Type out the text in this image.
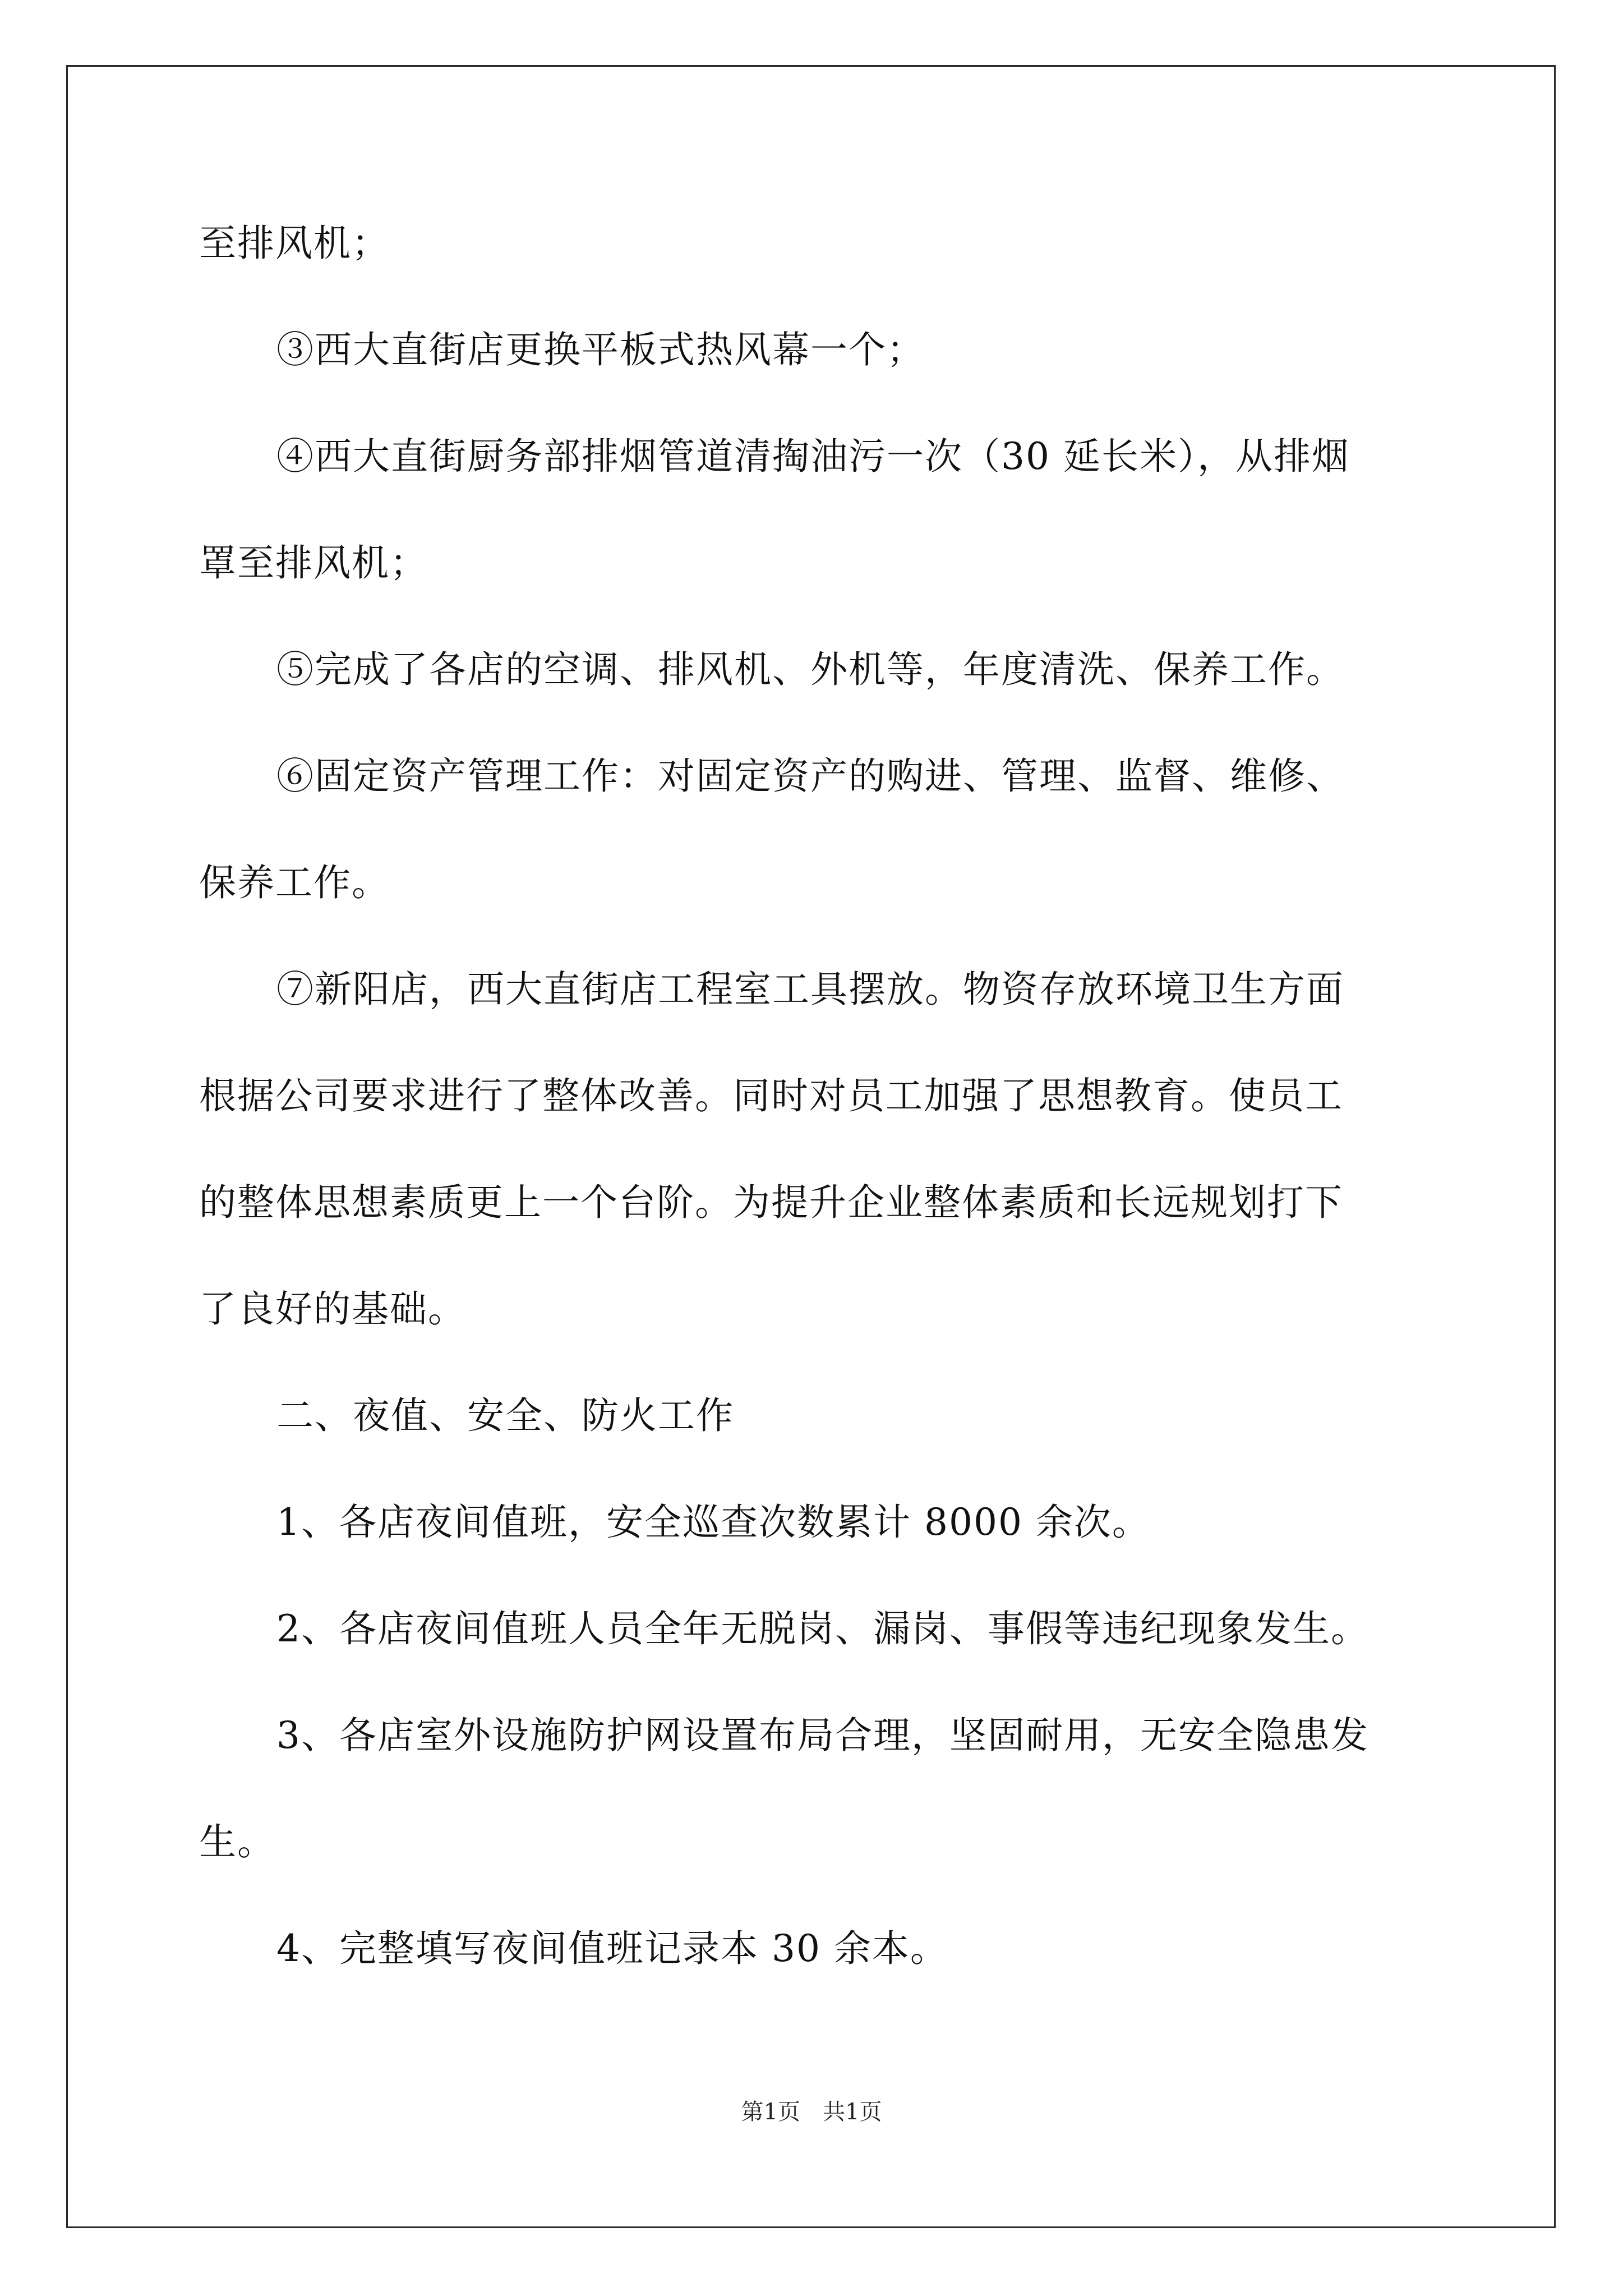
至排风机；
③西大直街店更换平板式热风幕一个；
④西大直街厨务部排烟管道清掏油污一次（30 延长米），从排烟
罩至排风机；
⑤完成了各店的空调、排风机、外机等，年度清洗、保养工作。
⑥固定资产管理工作：对固定资产的购进、管理、监督、维修、
保养工作。
⑦新阳店，西大直街店工程室工具摆放。物资存放环境卫生方面
根据公司要求进行了整体改善。同时对员工加强了思想教育。使员工
的整体思想素质更上一个台阶。为提升企业整体素质和长远规划打下
了良好的基础。
二、夜值、安全、防火工作
1、各店夜间值班，安全巡查次数累计 8000 余次。
2、各店夜间值班人员全年无脱岗、漏岗、事假等违纪现象发生。
3、各店室外设施防护网设置布局合理，坚固耐用，无安全隐患发
生。
4、完整填写夜间值班记录本 30 余本。
第1页　共1页
